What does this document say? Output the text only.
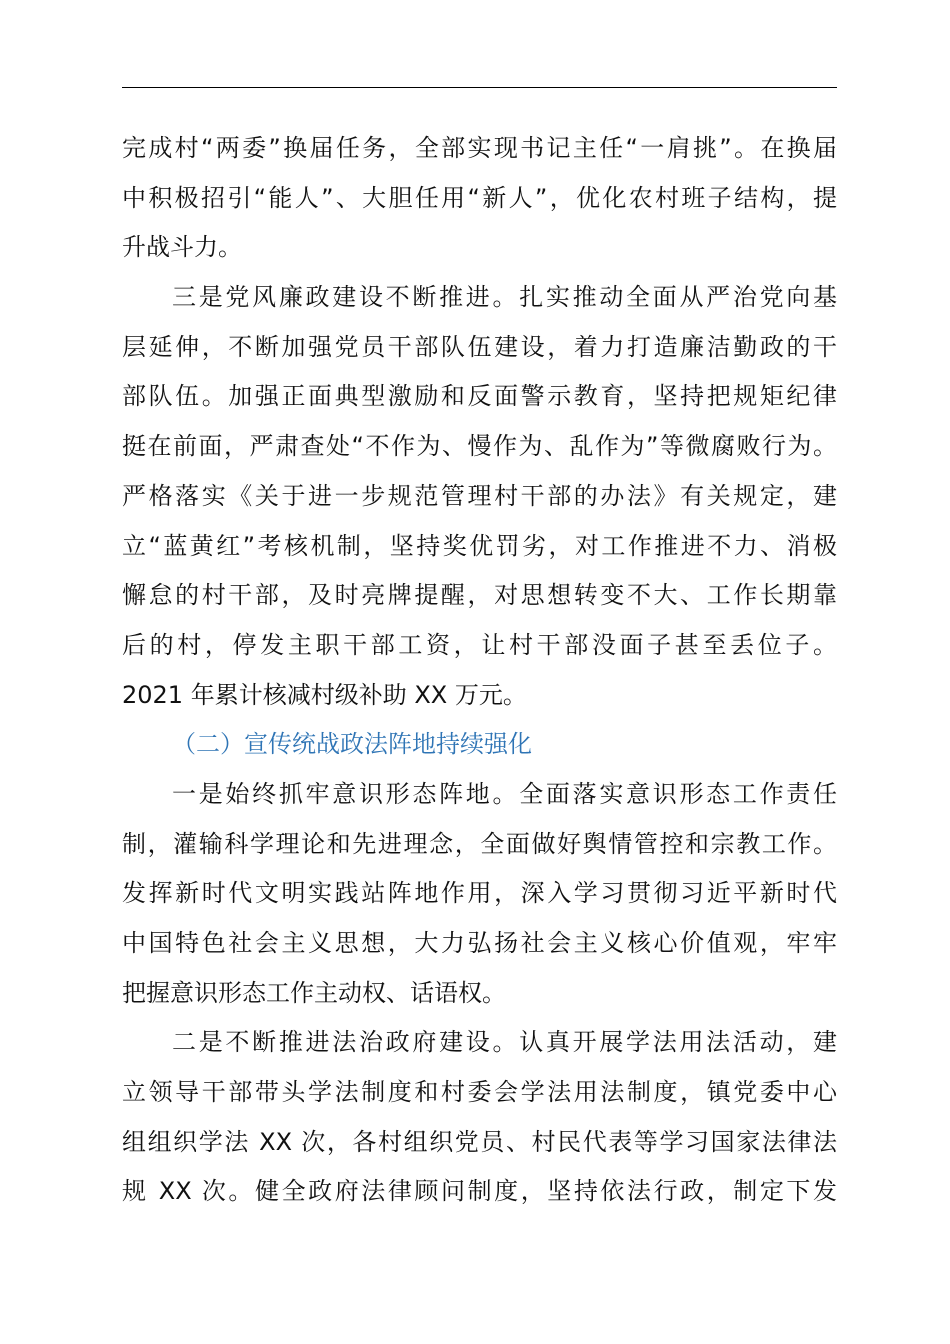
完成村“两委”换届任务，全部实现书记主任“一肩挑”。在换届
中积极招引“能人”、大胆任用“新人”，优化农村班子结构，提
升战斗力。
三是党风廉政建设不断推进。扎实推动全面从严治党向基
层延伸，不断加强党员干部队伍建设，着力打造廉洁勤政的干
部队伍。加强正面典型激励和反面警示教育，坚持把规矩纪律
挺在前面，严肃查处“不作为、慢作为、乱作为”等微腐败行为。
严格落实《关于进一步规范管理村干部的办法》有关规定，建
立“蓝黄红”考核机制，坚持奖优罚劣，对工作推进不力、消极
懈怠的村干部，及时亮牌提醒，对思想转变不大、工作长期靠
后的村，停发主职干部工资，让村干部没面子甚至丢位子。
2021 年累计核减村级补助 XX 万元。
（二）宣传统战政法阵地持续强化
一是始终抓牢意识形态阵地。全面落实意识形态工作责任
制，灌输科学理论和先进理念，全面做好舆情管控和宗教工作。
发挥新时代文明实践站阵地作用，深入学习贯彻习近平新时代
中国特色社会主义思想，大力弘扬社会主义核心价值观，牢牢
把握意识形态工作主动权、话语权。
二是不断推进法治政府建设。认真开展学法用法活动，建
立领导干部带头学法制度和村委会学法用法制度，镇党委中心
组组织学法 XX 次，各村组织党员、村民代表等学习国家法律法
规 XX 次。健全政府法律顾问制度，坚持依法行政，制定下发
